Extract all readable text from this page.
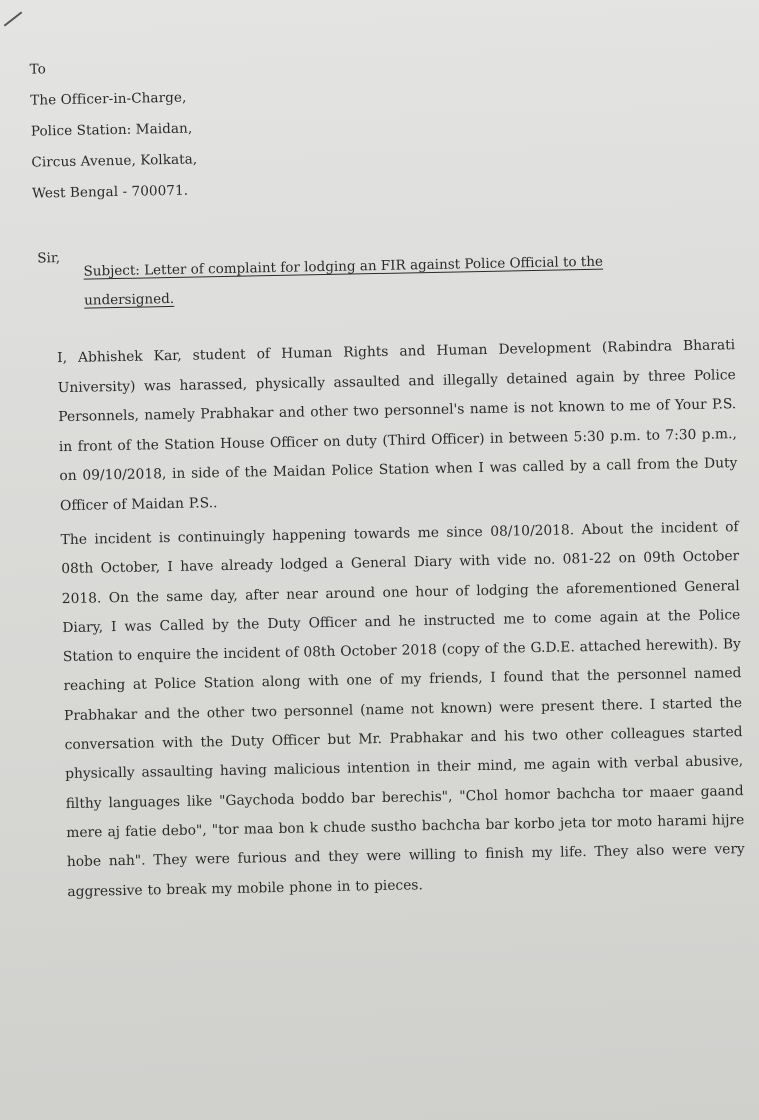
To
The Officer-in-Charge,
Police Station: Maidan,
Circus Avenue, Kolkata,
West Bengal - 700071.
Sir, Subject: Letter of complaint for lodging an FIR against Police Official to the undersigned.
I, Abhishek Kar, student of Human Rights and Human Development (Rabindra Bharati University) was harassed, physically assaulted and illegally detained again by three Police Personnels, namely Prabhakar and other two personnel's name is not known to me of Your P.S. in front of the Station House Officer on duty (Third Officer) in between 5:30 p.m. to 7:30 p.m., on 09/10/2018, in side of the Maidan Police Station when I was called by a call from the Duty Officer of Maidan P.S..
The incident is continuingly happening towards me since 08/10/2018. About the incident of 08th October, I have already lodged a General Diary with vide no. 081-22 on 09th October 2018. On the same day, after near around one hour of lodging the aforementioned General Diary, I was Called by the Duty Officer and he instructed me to come again at the Police Station to enquire the incident of 08th October 2018 (copy of the G.D.E. attached herewith). By reaching at Police Station along with one of my friends, I found that the personnel named Prabhakar and the other two personnel (name not known) were present there. I started the conversation with the Duty Officer but Mr. Prabhakar and his two other colleagues started physically assaulting having malicious intention in their mind, me again with verbal abusive, filthy languages like "Gaychoda boddo bar berechis", "Chol homor bachcha tor maaer gaand mere aj fatie debo", "tor maa bon k chude sustho bachcha bar korbo jeta tor moto harami hijre hobe nah". They were furious and they were willing to finish my life. They also were very aggressive to break my mobile phone in to pieces.
